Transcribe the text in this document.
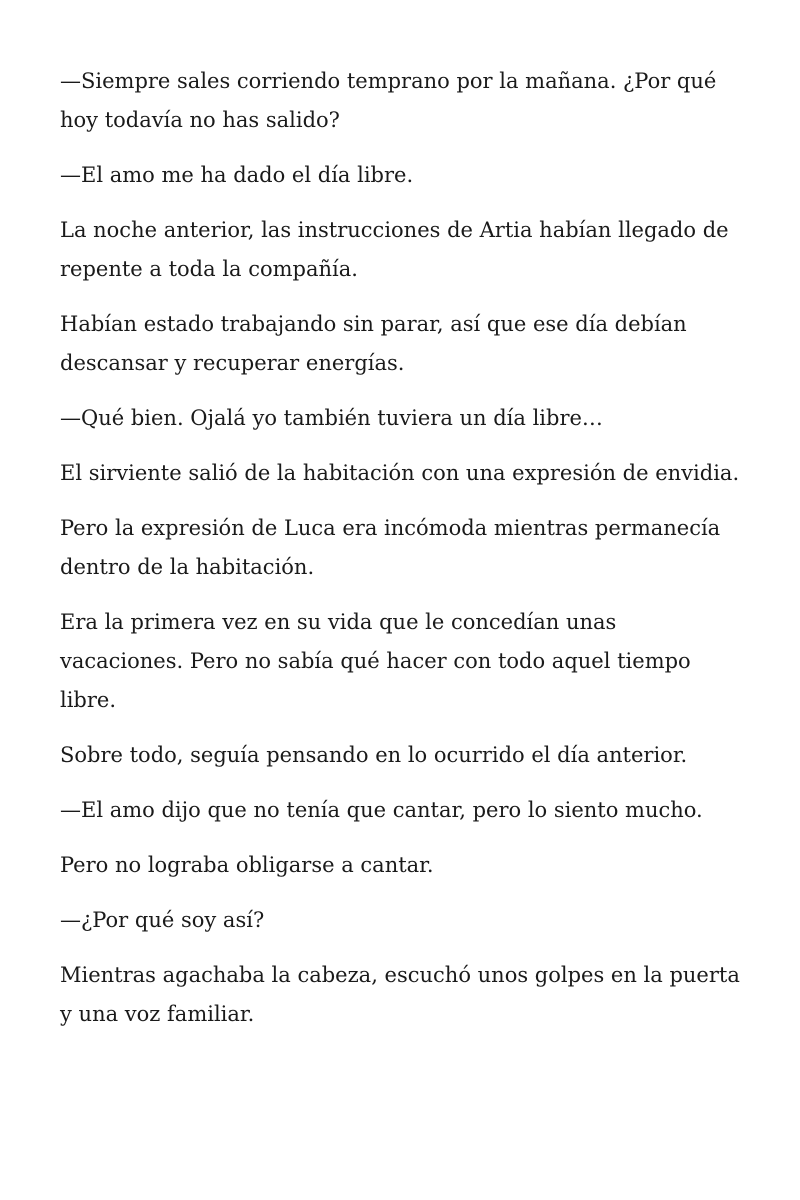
—Siempre sales corriendo temprano por la mañana. ¿Por qué hoy todavía no has salido?

—El amo me ha dado el día libre.

La noche anterior, las instrucciones de Artia habían llegado de repente a toda la compañía.

Habían estado trabajando sin parar, así que ese día debían descansar y recuperar energías.

—Qué bien. Ojalá yo también tuviera un día libre…

El sirviente salió de la habitación con una expresión de envidia.

Pero la expresión de Luca era incómoda mientras permanecía dentro de la habitación.

Era la primera vez en su vida que le concedían unas vacaciones. Pero no sabía qué hacer con todo aquel tiempo libre.

Sobre todo, seguía pensando en lo ocurrido el día anterior.

—El amo dijo que no tenía que cantar, pero lo siento mucho.

Pero no lograba obligarse a cantar.

—¿Por qué soy así?

Mientras agachaba la cabeza, escuchó unos golpes en la puerta y una voz familiar.
